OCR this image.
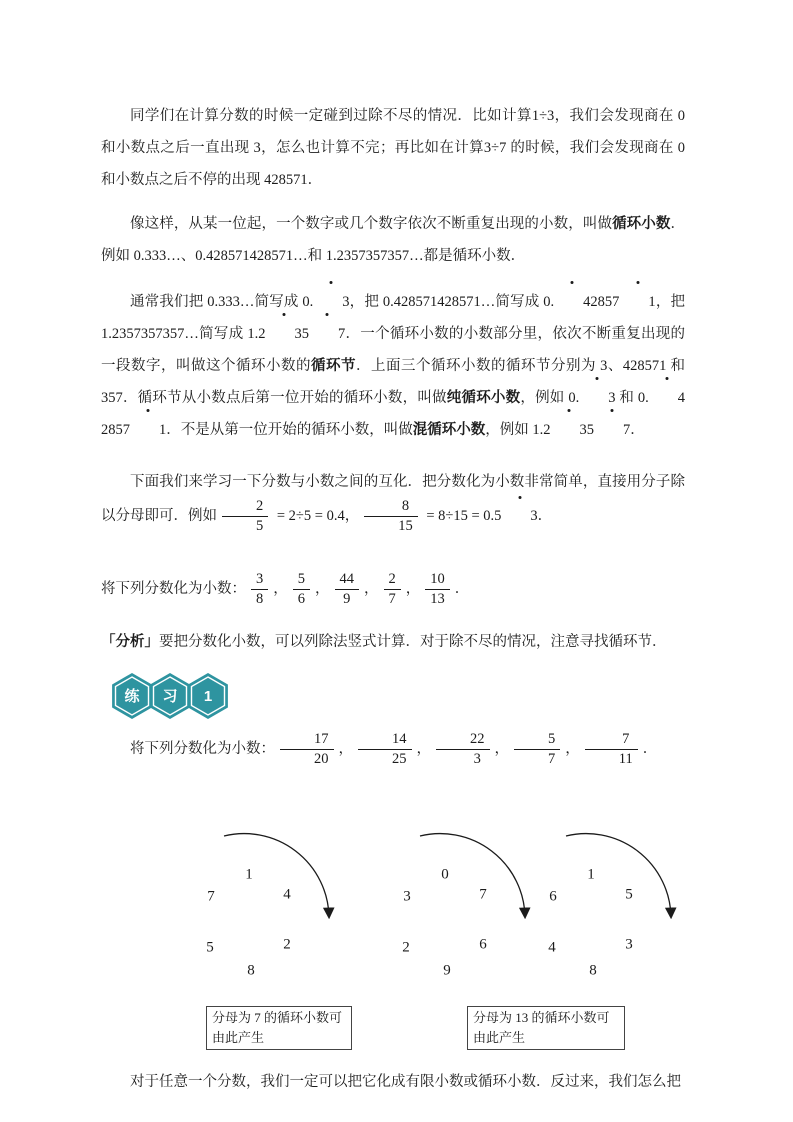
同学们在计算分数的时候一定碰到过除不尽的情况．比如计算1÷3，我们会发现商在 0 和小数点之后一直出现 3，怎么也计算不完；再比如在计算3÷7 的时候，我们会发现商在 0 和小数点之后不停的出现 428571．

像这样，从某一位起，一个数字或几个数字依次不断重复出现的小数，叫做循环小数．例如 0.333…、0.428571428571…和 1.2357357357…都是循环小数．

通常我们把 0.333…简写成 0. 3，把 0.428571428571…简写成 0. 42857 1，把 1.2357357357…简写成 1.2 35 7．一个循环小数的小数部分里，依次不断重复出现的一段数字，叫做这个循环小数的循环节．上面三个循环小数的循环节分别为 3、428571 和 357．循环节从小数点后第一位开始的循环小数，叫做纯循环小数，例如 0. 3 和 0. 42857 1．不是从第一位开始的循环小数，叫做混循环小数，例如 1.2 35 7．

下面我们来学习一下分数与小数之间的互化．把分数化为小数非常简单，直接用分子除以分母即可．例如 $\frac{2}{5} = 2\div 5 = 0.4$， $\frac{8}{15} = 8\div 15 = 0.5$ 3．

将下列分数化为小数： $\frac{3}{8}$ ， $\frac{5}{6}$ ， $\frac{44}{9}$ ， $\frac{2}{7}$ ， $\frac{10}{13}$ ．

「分析」要把分数化小数，可以列除法竖式计算．对于除不尽的情况，注意寻找循环节．

练 习 1

将下列分数化为小数： $\frac{17}{20}$ ， $\frac{14}{25}$ ， $\frac{22}{3}$ ， $\frac{5}{7}$ ， $\frac{7}{11}$ ．

1
4
2
8
5
7
0
7
6
9
2
3
1
5
3
8
4
6
分母为 7 的循环小数可由此产生
分母为 13 的循环小数可由此产生

对于任意一个分数，我们一定可以把它化成有限小数或循环小数．反过来，我们怎么把
